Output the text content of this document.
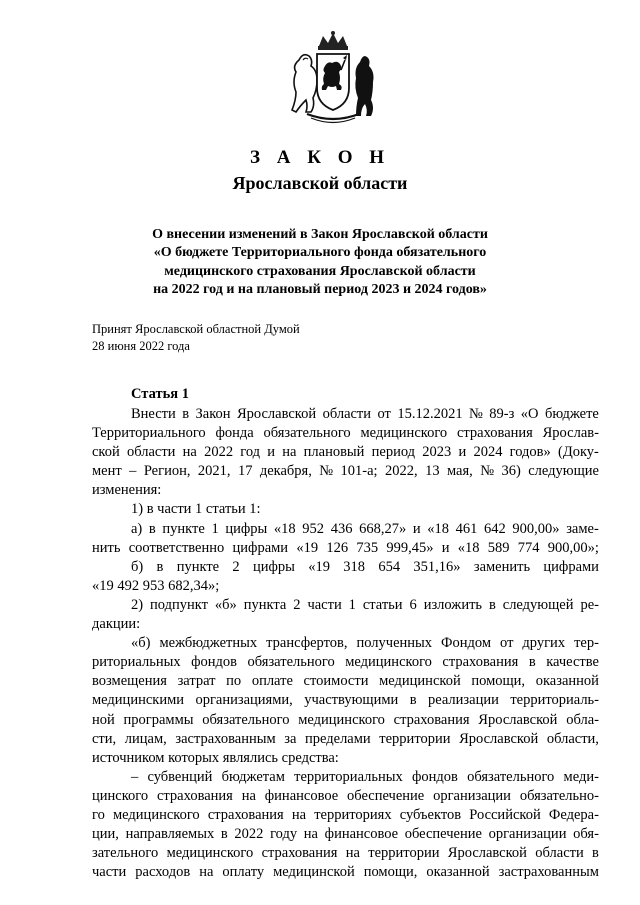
З А К О Н
Ярославской области
О внесении изменений в Закон Ярославской области
«О бюджете Территориального фонда обязательного
медицинского страхования Ярославской области
на 2022 год и на плановый период 2023 и 2024 годов»
Принят Ярославской областной Думой
28 июня 2022 года
Статья 1
Внести в Закон Ярославской области от 15.12.2021 № 89-з «О бюджете
Территориального фонда обязательного медицинского страхования Ярослав-
ской области на 2022 год и на плановый период 2023 и 2024 годов» (Доку-
мент – Регион, 2021, 17 декабря, № 101-а; 2022, 13 мая, № 36) следующие
изменения:
1) в части 1 статьи 1:
а) в пункте 1 цифры «18 952 436 668,27» и «18 461 642 900,00» заме-
нить соответственно цифрами «19 126 735 999,45» и «18 589 774 900,00»;
б) в пункте 2 цифры «19 318 654 351,16» заменить цифрами
«19 492 953 682,34»;
2) подпункт «б» пункта 2 части 1 статьи 6 изложить в следующей ре-
дакции:
«б) межбюджетных трансфертов, полученных Фондом от других тер-
риториальных фондов обязательного медицинского страхования в качестве
возмещения затрат по оплате стоимости медицинской помощи, оказанной
медицинскими организациями, участвующими в реализации территориаль-
ной программы обязательного медицинского страхования Ярославской обла-
сти, лицам, застрахованным за пределами территории Ярославской области,
источником которых являлись средства:
– субвенций бюджетам территориальных фондов обязательного меди-
цинского страхования на финансовое обеспечение организации обязательно-
го медицинского страхования на территориях субъектов Российской Федера-
ции, направляемых в 2022 году на финансовое обеспечение организации обя-
зательного медицинского страхования на территории Ярославской области в
части расходов на оплату медицинской помощи, оказанной застрахованным
